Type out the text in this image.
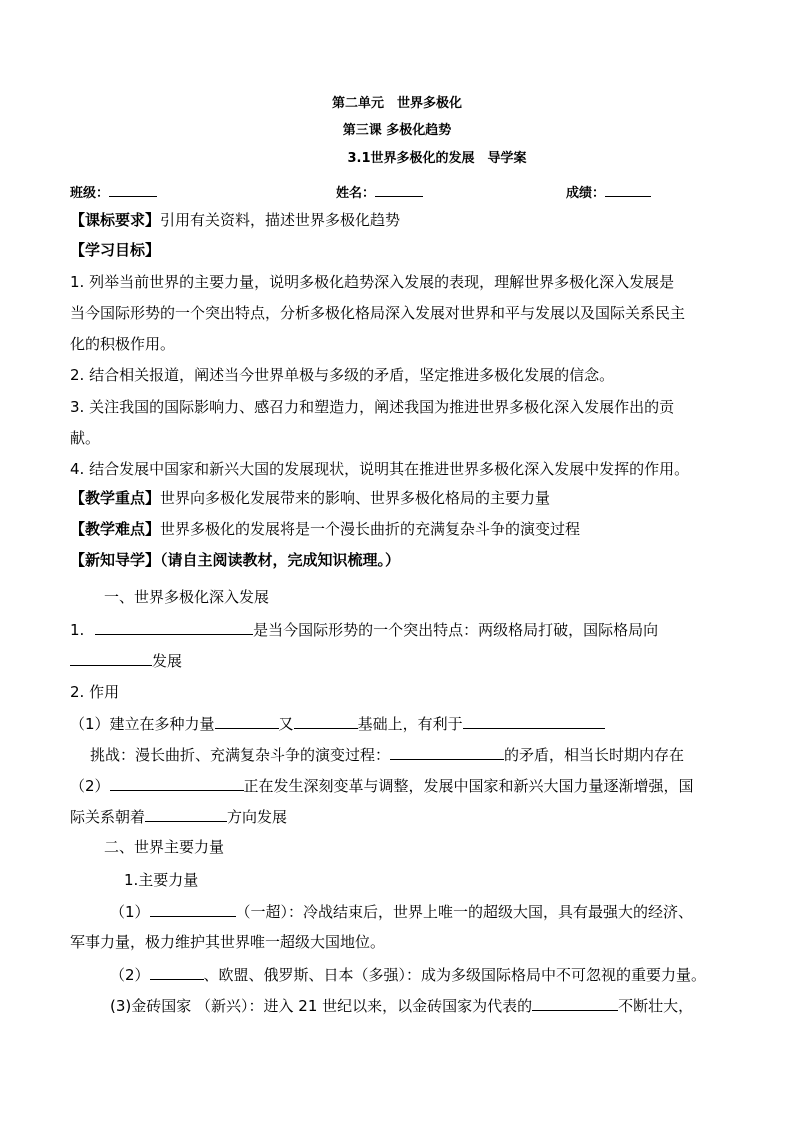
第二单元　世界多极化
第三课 多极化趋势
3.1世界多极化的发展　导学案
班级：	姓名：	成绩：
【课标要求】引用有关资料，描述世界多极化趋势
【学习目标】
1. 列举当前世界的主要力量，说明多极化趋势深入发展的表现，理解世界多极化深入发展是
当今国际形势的一个突出特点，分析多极化格局深入发展对世界和平与发展以及国际关系民主
化的积极作用。
2. 结合相关报道，阐述当今世界单极与多级的矛盾，坚定推进多极化发展的信念。
3. 关注我国的国际影响力、感召力和塑造力，阐述我国为推进世界多极化深入发展作出的贡
献。
4. 结合发展中国家和新兴大国的发展现状，说明其在推进世界多极化深入发展中发挥的作用。
【教学重点】世界向多极化发展带来的影响、世界多极化格局的主要力量
【教学难点】世界多极化的发展将是一个漫长曲折的充满复杂斗争的演变过程
【新知导学】（请自主阅读教材，完成知识梳理。）
一、世界多极化深入发展
1.	是当今国际形势的一个突出特点：两级格局打破，国际格局向
发展
2. 作用
（1）建立在多种力量	又	基础上，有利于
挑战：漫长曲折、充满复杂斗争的演变过程：	的矛盾，相当长时期内存在
（2）	正在发生深刻变革与调整，发展中国家和新兴大国力量逐渐增强，国
际关系朝着	方向发展
二、世界主要力量
1.主要力量
（1）	（一超）：冷战结束后，世界上唯一的超级大国，具有最强大的经济、
军事力量，极力维护其世界唯一超级大国地位。
（2）	、欧盟、俄罗斯、日本（多强）：成为多级国际格局中不可忽视的重要力量。
(3)金砖国家 （新兴）：进入 21 世纪以来，以金砖国家为代表的	不断壮大，
